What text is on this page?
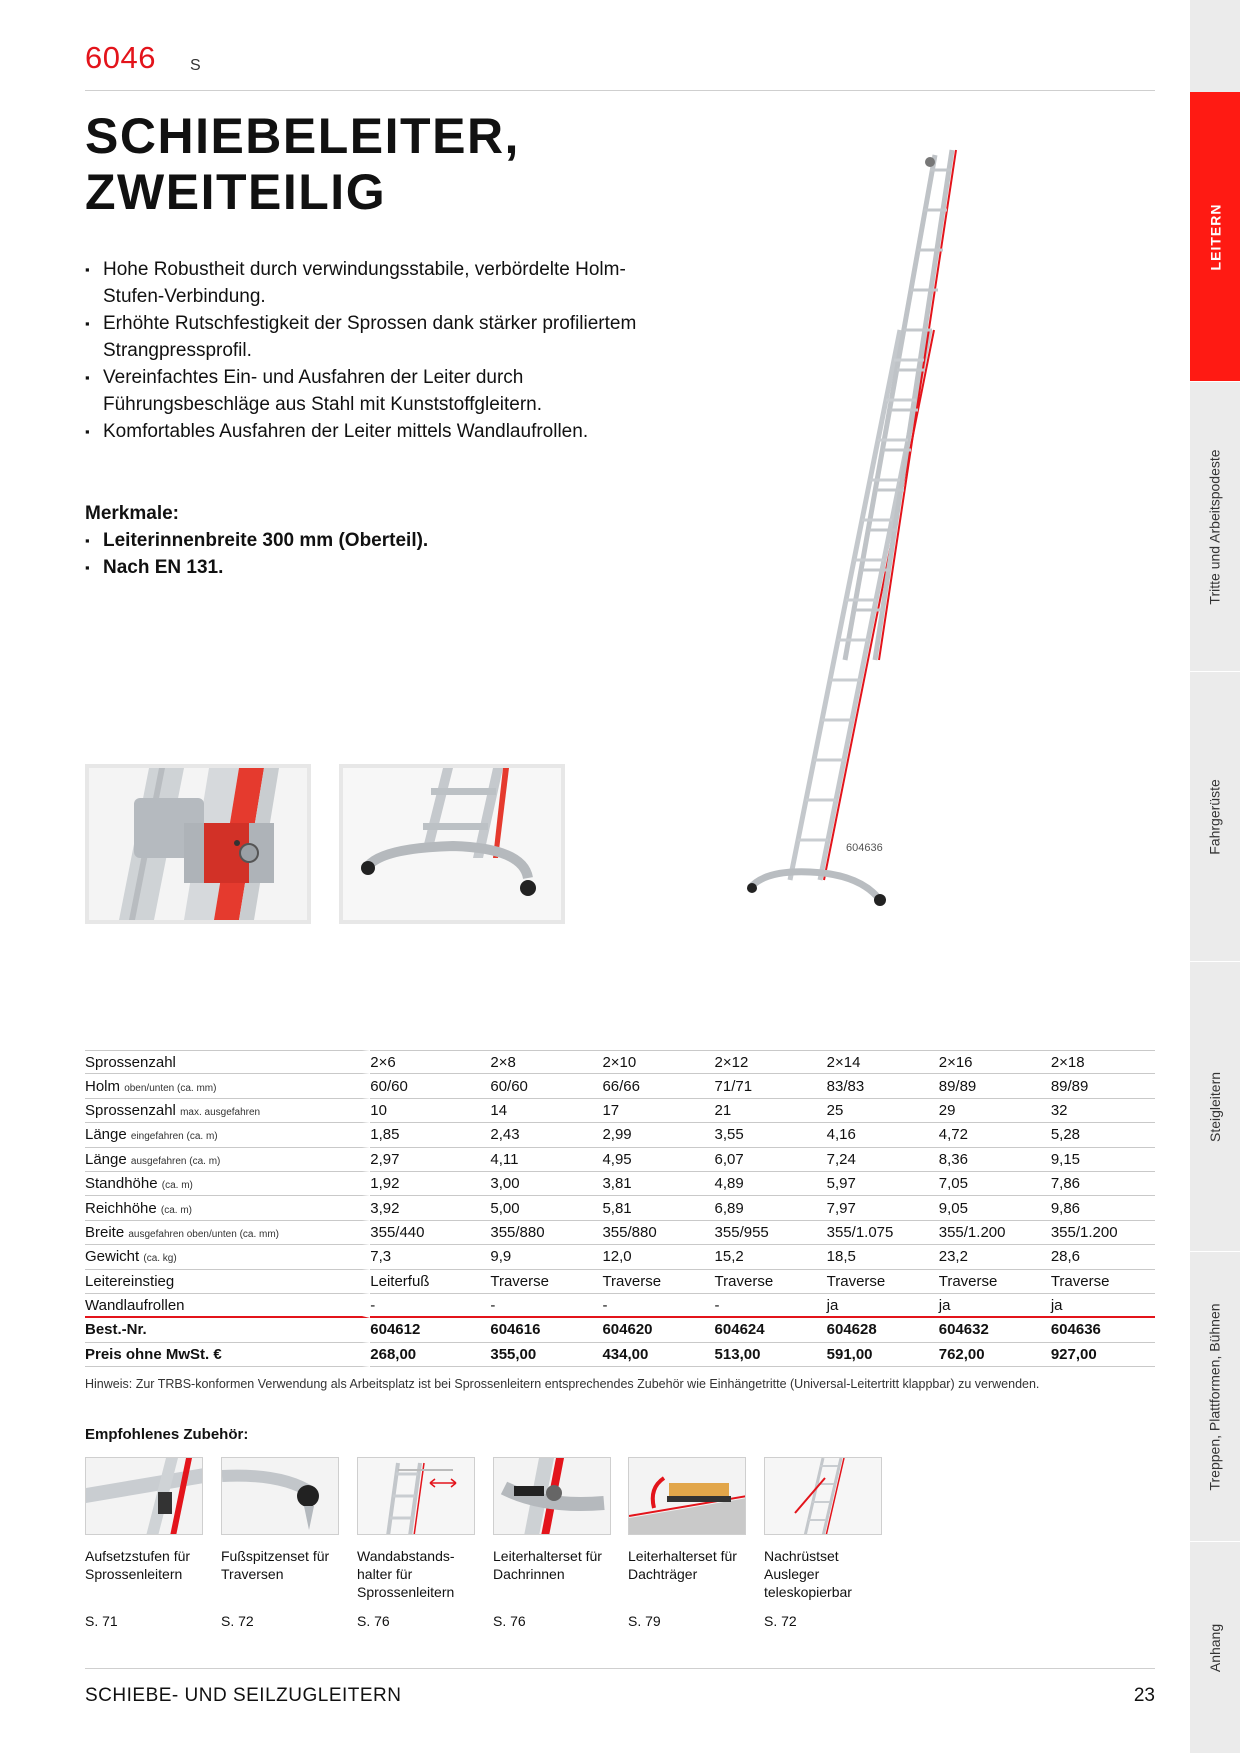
6046 S
SCHIEBELEITER,
ZWEITEILIG
▪ Hohe Robustheit durch verwindungsstabile, verbördelte Holm-Stufen-Verbindung.
▪ Erhöhte Rutschfestigkeit der Sprossen dank stärker profiliertem Strangpressprofil.
▪ Vereinfachtes Ein- und Ausfahren der Leiter durch Führungsbeschläge aus Stahl mit Kunststoffgleitern.
▪ Komfortables Ausfahren der Leiter mittels Wandlaufrollen.
Merkmale:
▪ Leiterinnenbreite 300 mm (Oberteil).
▪ Nach EN 131.
604636
Sprossenzahl	2×6	2×8	2×10	2×12	2×14	2×16	2×18
Holm oben/unten (ca. mm)	60/60	60/60	66/66	71/71	83/83	89/89	89/89
Sprossenzahl max. ausgefahren	10	14	17	21	25	29	32
Länge eingefahren (ca. m)	1,85	2,43	2,99	3,55	4,16	4,72	5,28
Länge ausgefahren (ca. m)	2,97	4,11	4,95	6,07	7,24	8,36	9,15
Standhöhe (ca. m)	1,92	3,00	3,81	4,89	5,97	7,05	7,86
Reichhöhe (ca. m)	3,92	5,00	5,81	6,89	7,97	9,05	9,86
Breite ausgefahren oben/unten (ca. mm)	355/440	355/880	355/880	355/955	355/1.075	355/1.200	355/1.200
Gewicht (ca. kg)	7,3	9,9	12,0	15,2	18,5	23,2	28,6
Leitereinstieg	Leiterfuß	Traverse	Traverse	Traverse	Traverse	Traverse	Traverse
Wandlaufrollen	-	-	-	-	ja	ja	ja
Best.-Nr.	604612	604616	604620	604624	604628	604632	604636
Preis ohne MwSt. €	268,00	355,00	434,00	513,00	591,00	762,00	927,00
Hinweis: Zur TRBS-konformen Verwendung als Arbeitsplatz ist bei Sprossenleitern entsprechendes Zubehör wie Einhängetritte (Universal-Leitertritt klappbar) zu verwenden.
Empfohlenes Zubehör:
Aufsetzstufen für Sprossenleitern
Fußspitzenset für Traversen
Wandabstands-halter für Sprossenleitern
Leiterhalterset für Dachrinnen
Leiterhalterset für Dachträger
Nachrüstset Ausleger teleskopierbar
S. 71	S. 72	S. 76	S. 76	S. 79	S. 72
SCHIEBE- UND SEILZUGLEITERN	23
LEITERN
Tritte und Arbeitspodeste
Fahrgerüste
Steigleitern
Treppen, Plattformen, Bühnen
Anhang
